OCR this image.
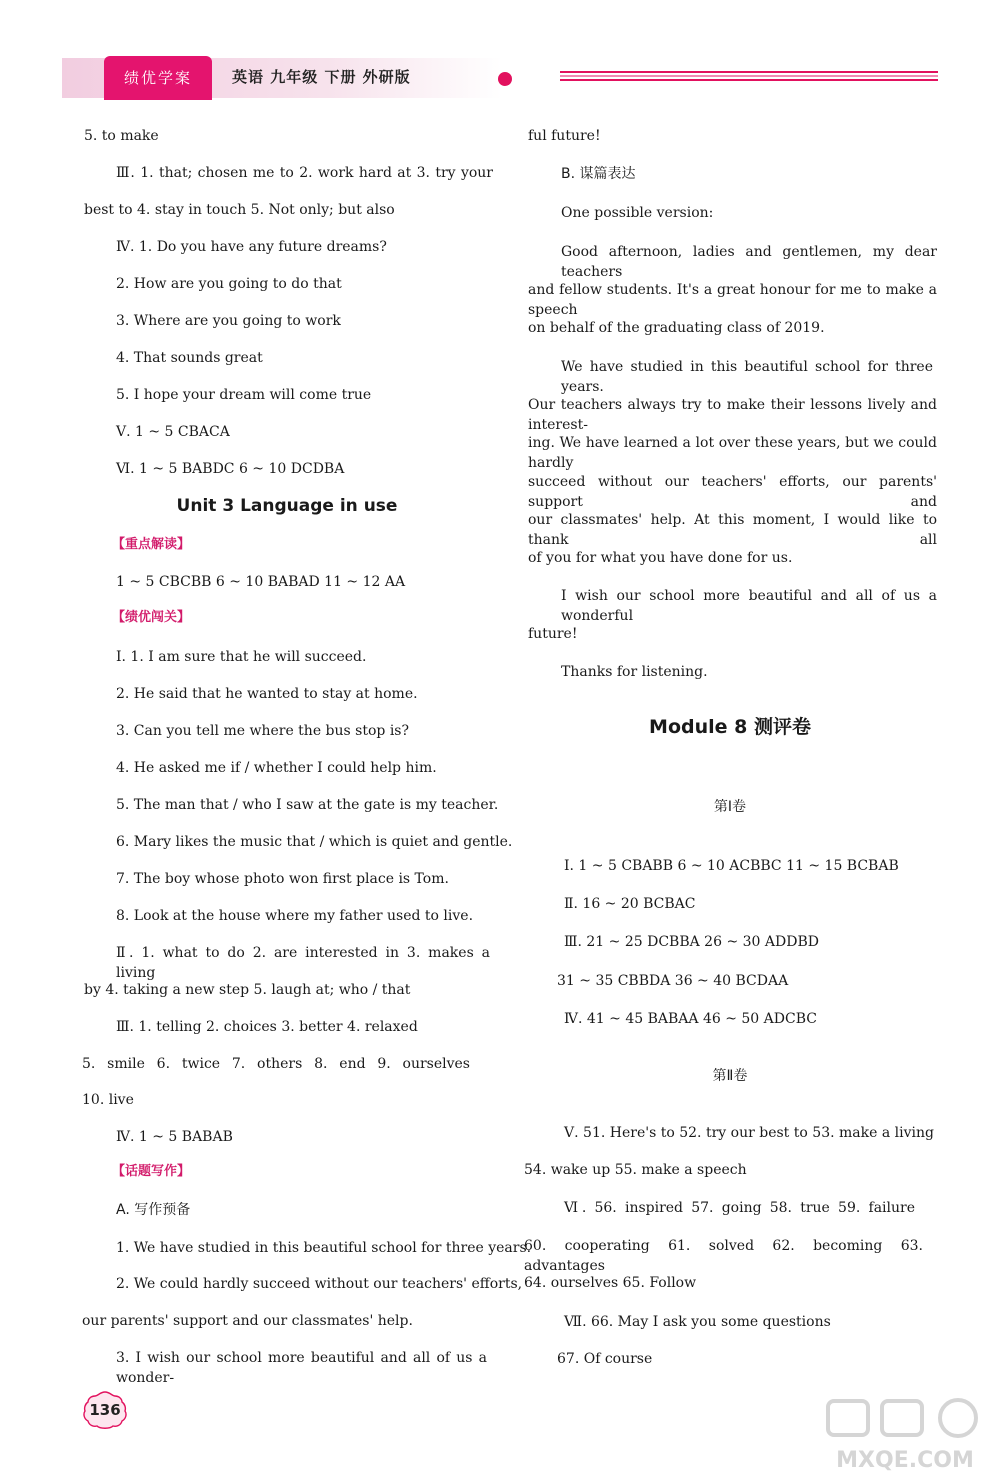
绩优学案	英语 九年级 下册 外研版
5. to make
Ⅲ. 1. that; chosen me to 2. work hard at 3. try your
best to 4. stay in touch 5. Not only; but also
Ⅳ. 1. Do you have any future dreams?
2. How are you going to do that
3. Where are you going to work
4. That sounds great
5. I hope your dream will come true
Ⅴ. 1 ~ 5 CBACA
Ⅵ. 1 ~ 5 BABDC 6 ~ 10 DCDBA
Unit 3 Language in use
【重点解读】
1 ~ 5 CBCBB 6 ~ 10 BABAD 11 ~ 12 AA
【绩优闯关】
Ⅰ. 1. I am sure that he will succeed.
2. He said that he wanted to stay at home.
3. Can you tell me where the bus stop is?
4. He asked me if / whether I could help him.
5. The man that / who I saw at the gate is my teacher.
6. Mary likes the music that / which is quiet and gentle.
7. The boy whose photo won first place is Tom.
8. Look at the house where my father used to live.
Ⅱ. 1. what to do 2. are interested in 3. makes a living
by 4. taking a new step 5. laugh at; who / that
Ⅲ. 1. telling 2. choices 3. better 4. relaxed
5. smile 6. twice 7. others 8. end 9. ourselves
10. live
Ⅳ. 1 ~ 5 BABAB
【话题写作】
A. 写作预备
1. We have studied in this beautiful school for three years.
2. We could hardly succeed without our teachers' efforts,
our parents' support and our classmates' help.
3. I wish our school more beautiful and all of us a wonder-
ful future!
B. 谋篇表达
One possible version:
Good afternoon, ladies and gentlemen, my dear teachers
and fellow students. It's a great honour for me to make a speech
on behalf of the graduating class of 2019.
We have studied in this beautiful school for three years.
Our teachers always try to make their lessons lively and interest-
ing. We have learned a lot over these years, but we could hardly
succeed without our teachers' efforts, our parents' support and
our classmates' help. At this moment, I would like to thank all
of you for what you have done for us.
I wish our school more beautiful and all of us a wonderful
future!
Thanks for listening.
Module 8 测评卷
第Ⅰ卷
Ⅰ. 1 ~ 5 CBABB 6 ~ 10 ACBBC 11 ~ 15 BCBAB
Ⅱ. 16 ~ 20 BCBAC
Ⅲ. 21 ~ 25 DCBBA 26 ~ 30 ADDBD
31 ~ 35 CBBDA 36 ~ 40 BCDAA
Ⅳ. 41 ~ 45 BABAA 46 ~ 50 ADCBC
第Ⅱ卷
Ⅴ. 51. Here's to 52. try our best to 53. make a living
54. wake up 55. make a speech
Ⅵ. 56. inspired 57. going 58. true 59. failure
60. cooperating 61. solved 62. becoming 63. advantages
64. ourselves 65. Follow
Ⅶ. 66. May I ask you some questions
67. Of course
136
MXQE.COM
